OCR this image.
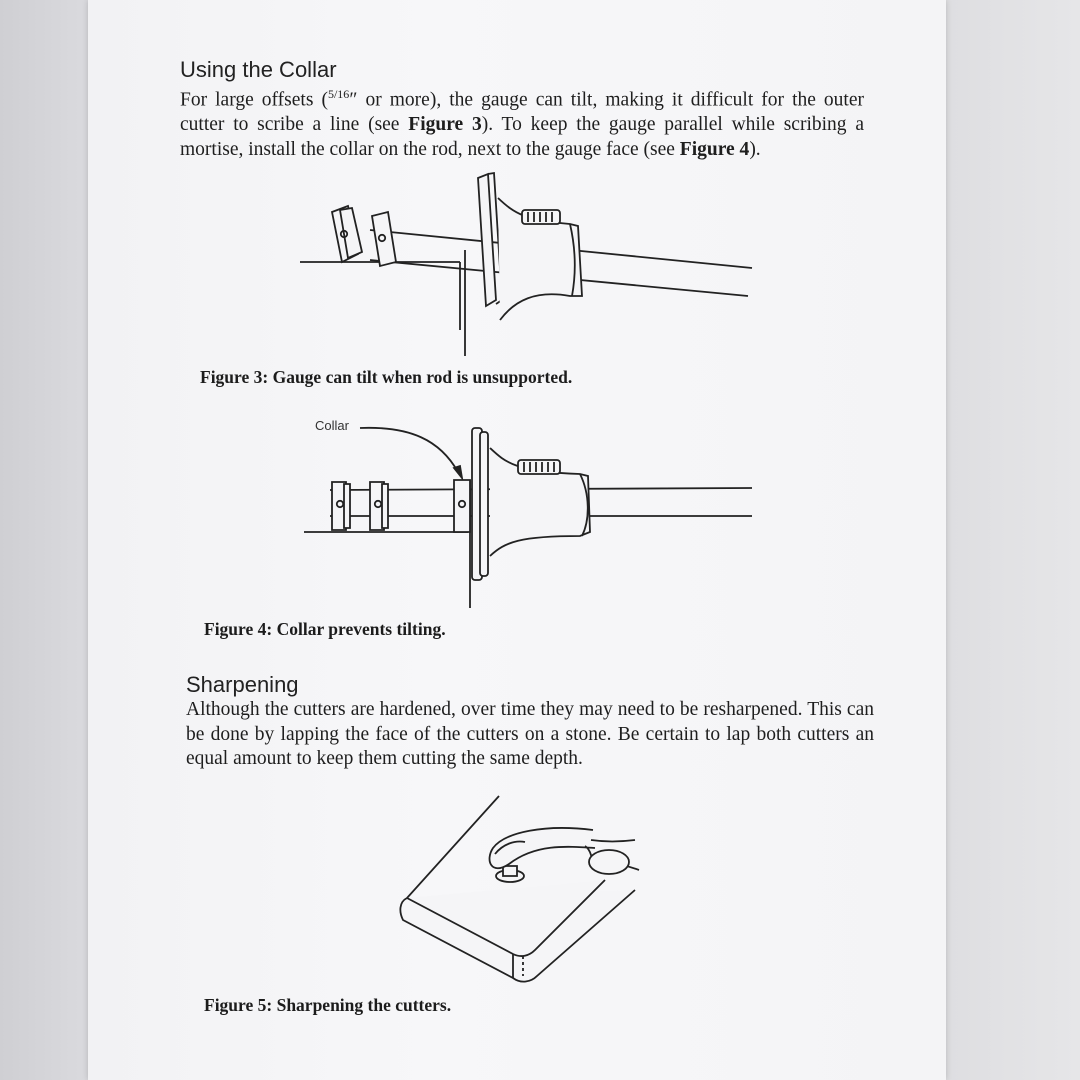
Using the Collar

For large offsets ($^{5/16}$″ or more), the gauge can tilt, making it difficult for the outer cutter to scribe a line (see Figure 3). To keep the gauge parallel while scribing a mortise, install the collar on the rod, next to the gauge face (see Figure 4).

Figure 3: Gauge can tilt when rod is unsupported.

Collar

Figure 4: Collar prevents tilting.

Sharpening

Although the cutters are hardened, over time they may need to be resharpened. This can be done by lapping the face of the cutters on a stone. Be certain to lap both cutters an equal amount to keep them cutting the same depth.

Figure 5: Sharpening the cutters.
